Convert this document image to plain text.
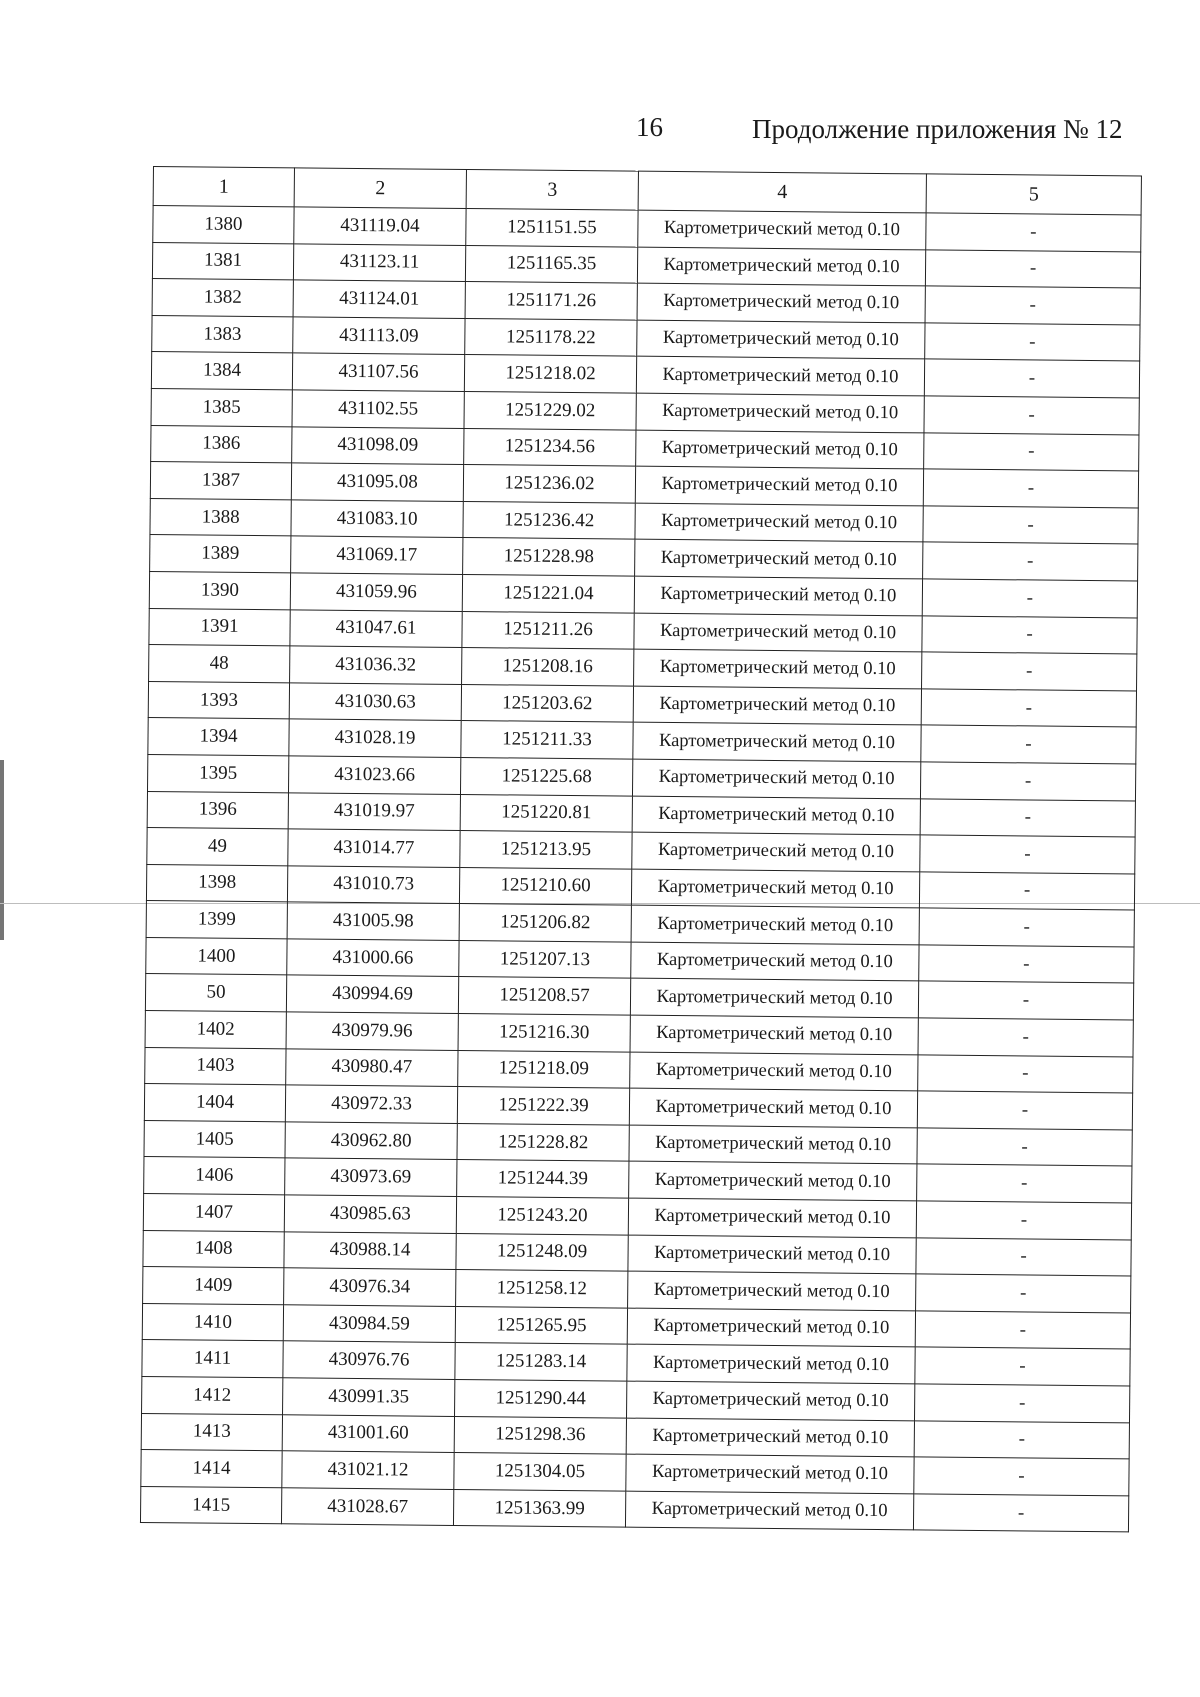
16	Продолжение приложения № 12
1	2	3	4	5
1380	431119.04	1251151.55	Картометрический метод 0.10	-
1381	431123.11	1251165.35	Картометрический метод 0.10	-
1382	431124.01	1251171.26	Картометрический метод 0.10	-
1383	431113.09	1251178.22	Картометрический метод 0.10	-
1384	431107.56	1251218.02	Картометрический метод 0.10	-
1385	431102.55	1251229.02	Картометрический метод 0.10	-
1386	431098.09	1251234.56	Картометрический метод 0.10	-
1387	431095.08	1251236.02	Картометрический метод 0.10	-
1388	431083.10	1251236.42	Картометрический метод 0.10	-
1389	431069.17	1251228.98	Картометрический метод 0.10	-
1390	431059.96	1251221.04	Картометрический метод 0.10	-
1391	431047.61	1251211.26	Картометрический метод 0.10	-
48	431036.32	1251208.16	Картометрический метод 0.10	-
1393	431030.63	1251203.62	Картометрический метод 0.10	-
1394	431028.19	1251211.33	Картометрический метод 0.10	-
1395	431023.66	1251225.68	Картометрический метод 0.10	-
1396	431019.97	1251220.81	Картометрический метод 0.10	-
49	431014.77	1251213.95	Картометрический метод 0.10	-
1398	431010.73	1251210.60	Картометрический метод 0.10	-
1399	431005.98	1251206.82	Картометрический метод 0.10	-
1400	431000.66	1251207.13	Картометрический метод 0.10	-
50	430994.69	1251208.57	Картометрический метод 0.10	-
1402	430979.96	1251216.30	Картометрический метод 0.10	-
1403	430980.47	1251218.09	Картометрический метод 0.10	-
1404	430972.33	1251222.39	Картометрический метод 0.10	-
1405	430962.80	1251228.82	Картометрический метод 0.10	-
1406	430973.69	1251244.39	Картометрический метод 0.10	-
1407	430985.63	1251243.20	Картометрический метод 0.10	-
1408	430988.14	1251248.09	Картометрический метод 0.10	-
1409	430976.34	1251258.12	Картометрический метод 0.10	-
1410	430984.59	1251265.95	Картометрический метод 0.10	-
1411	430976.76	1251283.14	Картометрический метод 0.10	-
1412	430991.35	1251290.44	Картометрический метод 0.10	-
1413	431001.60	1251298.36	Картометрический метод 0.10	-
1414	431021.12	1251304.05	Картометрический метод 0.10	-
1415	431028.67	1251363.99	Картометрический метод 0.10	-
